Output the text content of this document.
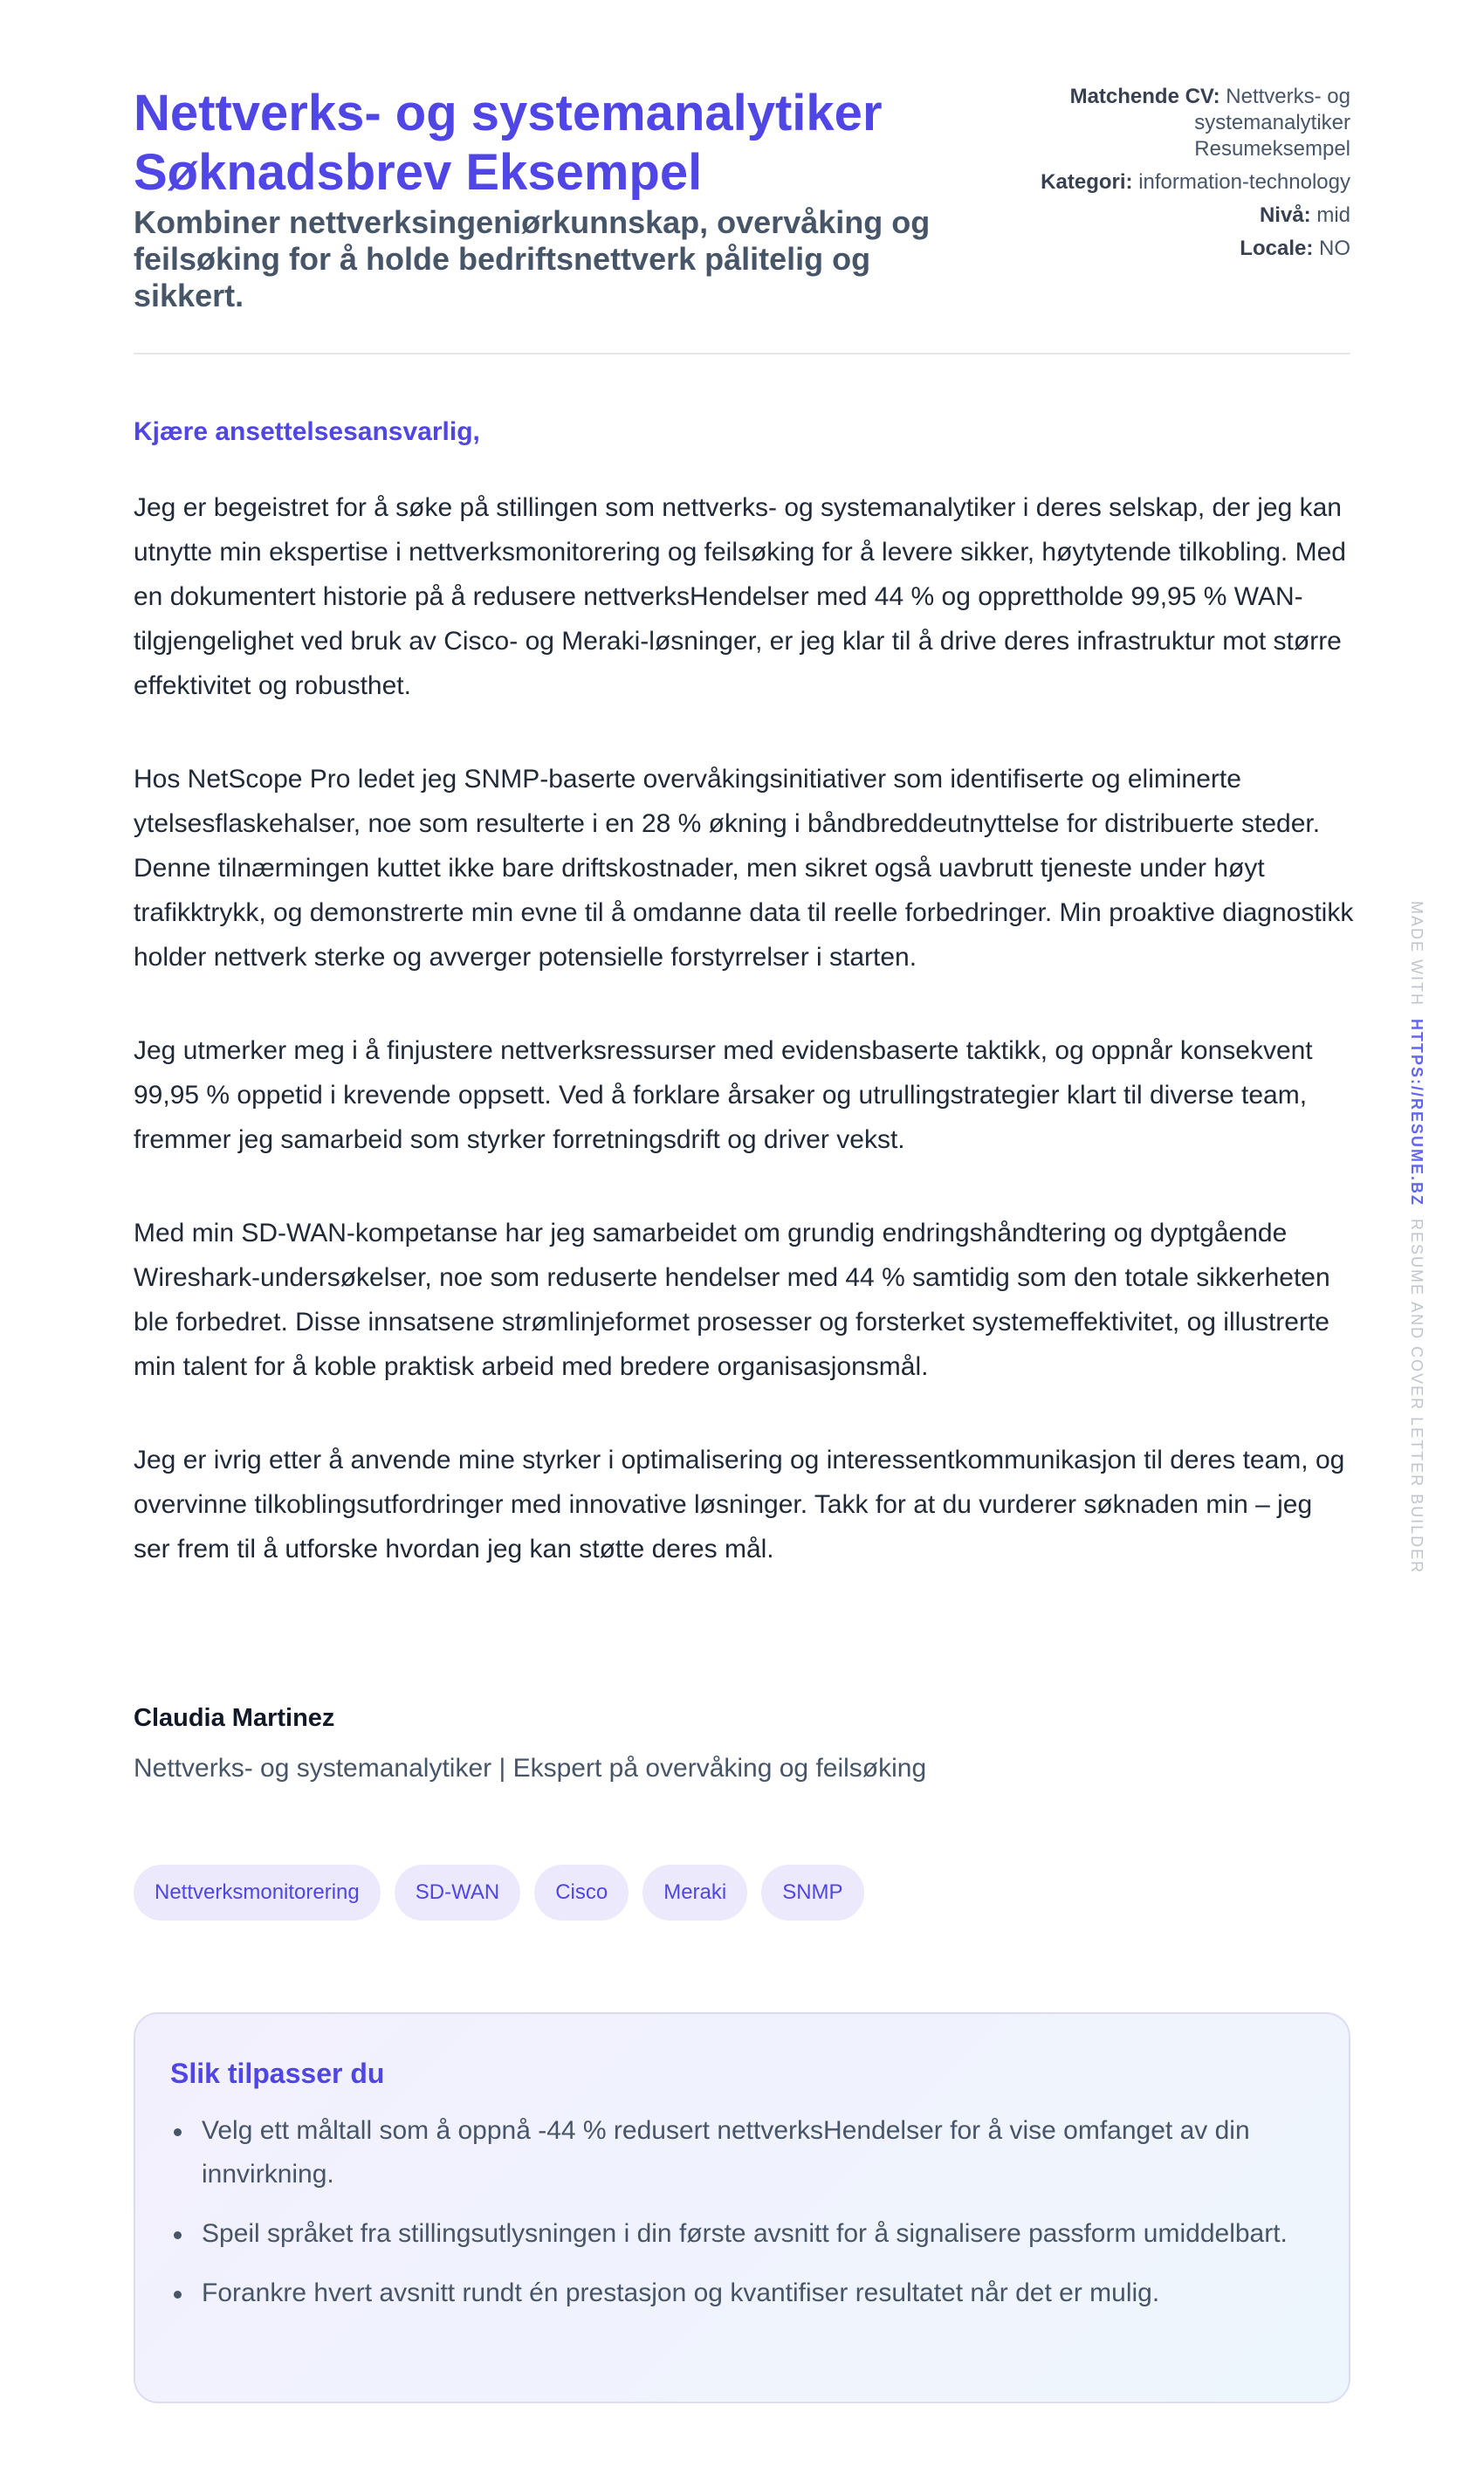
Nettverks- og systemanalytiker Søknadsbrev Eksempel
Kombiner nettverksingeniørkunnskap, overvåking og feilsøking for å holde bedriftsnettverk pålitelig og sikkert.
Matchende CV: Nettverks- og systemanalytiker Resumeksempel
Kategori: information-technology
Nivå: mid
Locale: NO
Kjære ansettelsesansvarlig,

Jeg er begeistret for å søke på stillingen som nettverks- og systemanalytiker i deres selskap, der jeg kan utnytte min ekspertise i nettverksmonitorering og feilsøking for å levere sikker, høytytende tilkobling. Med en dokumentert historie på å redusere nettverksHendelser med 44 % og opprettholde 99,95 % WAN-tilgjengelighet ved bruk av Cisco- og Meraki-løsninger, er jeg klar til å drive deres infrastruktur mot større effektivitet og robusthet.

Hos NetScope Pro ledet jeg SNMP-baserte overvåkingsinitiativer som identifiserte og eliminerte ytelsesflaskehalser, noe som resulterte i en 28 % økning i båndbreddeutnyttelse for distribuerte steder. Denne tilnærmingen kuttet ikke bare driftskostnader, men sikret også uavbrutt tjeneste under høyt trafikktrykk, og demonstrerte min evne til å omdanne data til reelle forbedringer. Min proaktive diagnostikk holder nettverk sterke og avverger potensielle forstyrrelser i starten.

Jeg utmerker meg i å finjustere nettverksressurser med evidensbaserte taktikk, og oppnår konsekvent 99,95 % oppetid i krevende oppsett. Ved å forklare årsaker og utrullingstrategier klart til diverse team, fremmer jeg samarbeid som styrker forretningsdrift og driver vekst.

Med min SD-WAN-kompetanse har jeg samarbeidet om grundig endringshåndtering og dyptgående Wireshark-undersøkelser, noe som reduserte hendelser med 44 % samtidig som den totale sikkerheten ble forbedret. Disse innsatsene strømlinjeformet prosesser og forsterket systemeffektivitet, og illustrerte min talent for å koble praktisk arbeid med bredere organisasjonsmål.

Jeg er ivrig etter å anvende mine styrker i optimalisering og interessentkommunikasjon til deres team, og overvinne tilkoblingsutfordringer med innovative løsninger. Takk for at du vurderer søknaden min – jeg ser frem til å utforske hvordan jeg kan støtte deres mål.

Claudia Martinez
Nettverks- og systemanalytiker | Ekspert på overvåking og feilsøking
Nettverksmonitorering	SD-WAN	Cisco	Meraki	SNMP
Slik tilpasser du
Velg ett måltall som å oppnå -44 % redusert nettverksHendelser for å vise omfanget av din innvirkning.
Speil språket fra stillingsutlysningen i din første avsnitt for å signalisere passform umiddelbart.
Forankre hvert avsnitt rundt én prestasjon og kvantifiser resultatet når det er mulig.
MADE WITH  HTTPS://RESUME.BZ  RESUME AND COVER LETTER BUILDER
